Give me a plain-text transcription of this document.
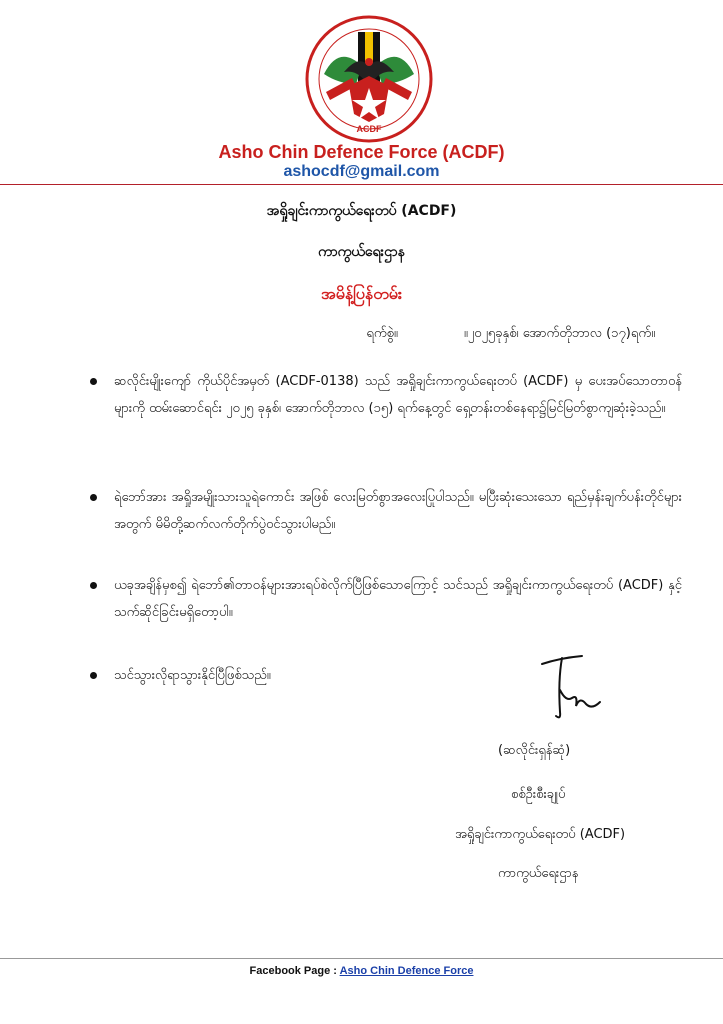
ACDF
Asho Chin Defence Force (ACDF)
ashocdf@gmail.com
အရှိုချင်းကာကွယ်ရေးတပ် (ACDF)
ကာကွယ်ရေးဌာန
အမိန့်ပြန်တမ်း
ရက်စွဲ။	။၂၀၂၅ခုနှစ်၊ အောက်တိုဘာလ (၁၇)ရက်။
ဆလိုင်းမျိုးကျော် ကိုယ်ပိုင်အမှတ် (ACDF-0138) သည် အရှိုချင်းကာကွယ်ရေးတပ် (ACDF) မှ ပေးအပ်သောတာဝန်များကို ထမ်းဆောင်ရင်း ၂၀၂၅ ခုနှစ်၊ အောက်တိုဘာလ (၁၅) ရက်နေ့တွင် ရှေ့တန်းတစ်နေရာ၌မြင်မြတ်စွာကျဆုံးခဲ့သည်။
ရဲဘော်အား အရှိုအမျိုးသားသူရဲကောင်း အဖြစ် လေးမြတ်စွာအလေးပြုပါသည်။ မပြီးဆုံးသေးသော ရည်မှန်းချက်ပန်းတိုင်များအတွက် မိမိတို့ဆက်လက်တိုက်ပွဲဝင်သွားပါမည်။
ယခုအချိန်မှစ၍ ရဲဘော်၏တာဝန်များအားရပ်စဲလိုက်ပြီဖြစ်သောကြောင့် သင်သည် အရှိုချင်းကာကွယ်ရေးတပ် (ACDF) နှင့်သက်ဆိုင်ခြင်းမရှိတော့ပါ။
သင်သွားလိုရာသွားနိုင်ပြီဖြစ်သည်။
(ဆလိုင်းရှန်ဆုံ)
စစ်ဦးစီးချုပ်
အရှိုချင်းကာကွယ်ရေးတပ် (ACDF)
ကာကွယ်ရေးဌာန
Facebook Page : Asho Chin Defence Force
